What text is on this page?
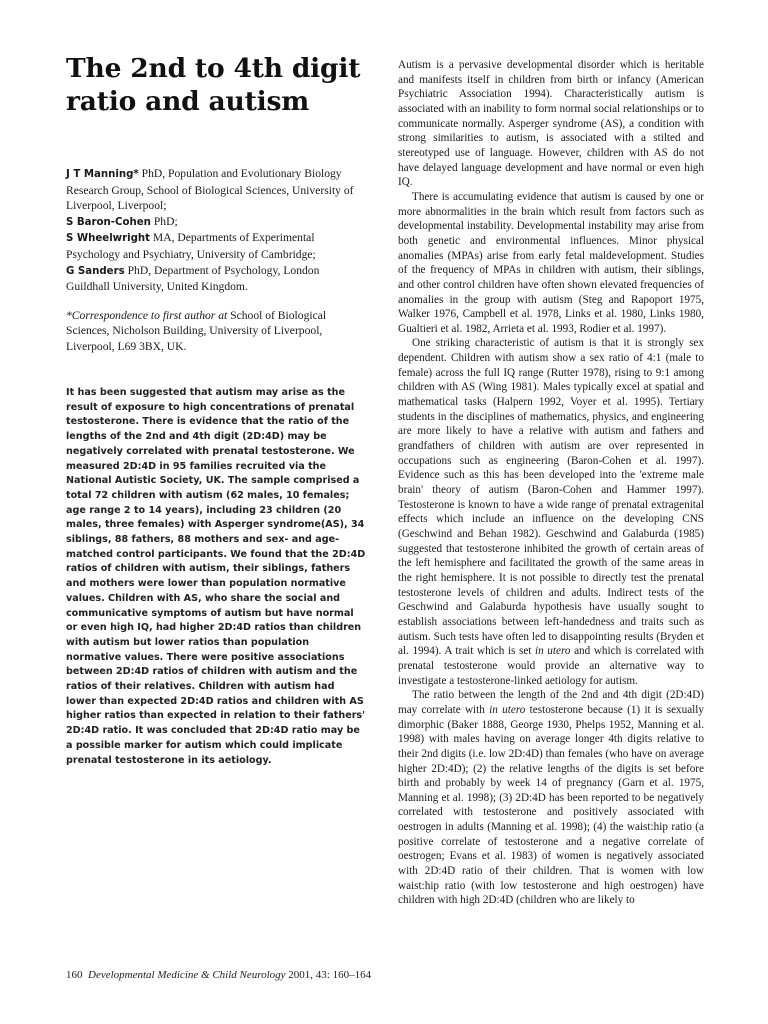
The 2nd to 4th digit ratio and autism

J T Manning* PhD, Population and Evolutionary Biology Research Group, School of Biological Sciences, University of Liverpool, Liverpool;

S Baron-Cohen PhD;

S Wheelwright MA, Departments of Experimental Psychology and Psychiatry, University of Cambridge;

G Sanders PhD, Department of Psychology, London Guildhall University, United Kingdom.

*Correspondence to first author at School of Biological Sciences, Nicholson Building, University of Liverpool, Liverpool, L69 3BX, UK.

It has been suggested that autism may arise as the result of exposure to high concentrations of prenatal testosterone. There is evidence that the ratio of the lengths of the 2nd and 4th digit (2D:4D) may be negatively correlated with prenatal testosterone. We measured 2D:4D in 95 families recruited via the National Autistic Society, UK. The sample comprised a total 72 children with autism (62 males, 10 females; age range 2 to 14 years), including 23 children (20 males, three females) with Asperger syndrome(AS), 34 siblings, 88 fathers, 88 mothers and sex- and age-matched control participants. We found that the 2D:4D ratios of children with autism, their siblings, fathers and mothers were lower than population normative values. Children with AS, who share the social and communicative symptoms of autism but have normal or even high IQ, had higher 2D:4D ratios than children with autism but lower ratios than population normative values. There were positive associations between 2D:4D ratios of children with autism and the ratios of their relatives. Children with autism had lower than expected 2D:4D ratios and children with AS higher ratios than expected in relation to their fathers' 2D:4D ratio. It was concluded that 2D:4D ratio may be a possible marker for autism which could implicate prenatal testosterone in its aetiology.

Autism is a pervasive developmental disorder which is heritable and manifests itself in children from birth or infancy (American Psychiatric Association 1994). Characteristically autism is associated with an inability to form normal social relationships or to communicate normally. Asperger syndrome (AS), a condition with strong similarities to autism, is associated with a stilted and stereotyped use of language. However, children with AS do not have delayed language development and have normal or even high IQ.

There is accumulating evidence that autism is caused by one or more abnormalities in the brain which result from factors such as developmental instability. Developmental instability may arise from both genetic and environmental influences. Minor physical anomalies (MPAs) arise from early fetal maldevelopment. Studies of the frequency of MPAs in children with autism, their siblings, and other control children have often shown elevated frequencies of anomalies in the group with autism (Steg and Rapoport 1975, Walker 1976, Campbell et al. 1978, Links et al. 1980, Links 1980, Gualtieri et al. 1982, Arrieta et al. 1993, Rodier et al. 1997).

One striking characteristic of autism is that it is strongly sex dependent. Children with autism show a sex ratio of 4:1 (male to female) across the full IQ range (Rutter 1978), rising to 9:1 among children with AS (Wing 1981). Males typically excel at spatial and mathematical tasks (Halpern 1992, Voyer et al. 1995). Tertiary students in the disciplines of mathematics, physics, and engineering are more likely to have a relative with autism and fathers and grandfathers of children with autism are over represented in occupations such as engineering (Baron-Cohen et al. 1997). Evidence such as this has been developed into the 'extreme male brain' theory of autism (Baron-Cohen and Hammer 1997). Testosterone is known to have a wide range of prenatal extragenital effects which include an influence on the developing CNS (Geschwind and Behan 1982). Geschwind and Galaburda (1985) suggested that testosterone inhibited the growth of certain areas of the left hemisphere and facilitated the growth of the same areas in the right hemisphere. It is not possible to directly test the prenatal testosterone levels of children and adults. Indirect tests of the Geschwind and Galaburda hypothesis have usually sought to establish associations between left-handedness and traits such as autism. Such tests have often led to disappointing results (Bryden et al. 1994). A trait which is set in utero and which is correlated with prenatal testosterone would provide an alternative way to investigate a testosterone-linked aetiology for autism.

The ratio between the length of the 2nd and 4th digit (2D:4D) may correlate with in utero testosterone because (1) it is sexually dimorphic (Baker 1888, George 1930, Phelps 1952, Manning et al. 1998) with males having on average longer 4th digits relative to their 2nd digits (i.e. low 2D:4D) than females (who have on average higher 2D:4D); (2) the relative lengths of the digits is set before birth and probably by week 14 of pregnancy (Garn et al. 1975, Manning et al. 1998); (3) 2D:4D has been reported to be negatively correlated with testosterone and positively associated with oestrogen in adults (Manning et al. 1998); (4) the waist:hip ratio (a positive correlate of testosterone and a negative correlate of oestrogen; Evans et al. 1983) of women is negatively associated with 2D:4D ratio of their children. That is women with low waist:hip ratio (with low testosterone and high oestrogen) have children with high 2D:4D (children who are likely to

160 Developmental Medicine & Child Neurology 2001, 43: 160–164
